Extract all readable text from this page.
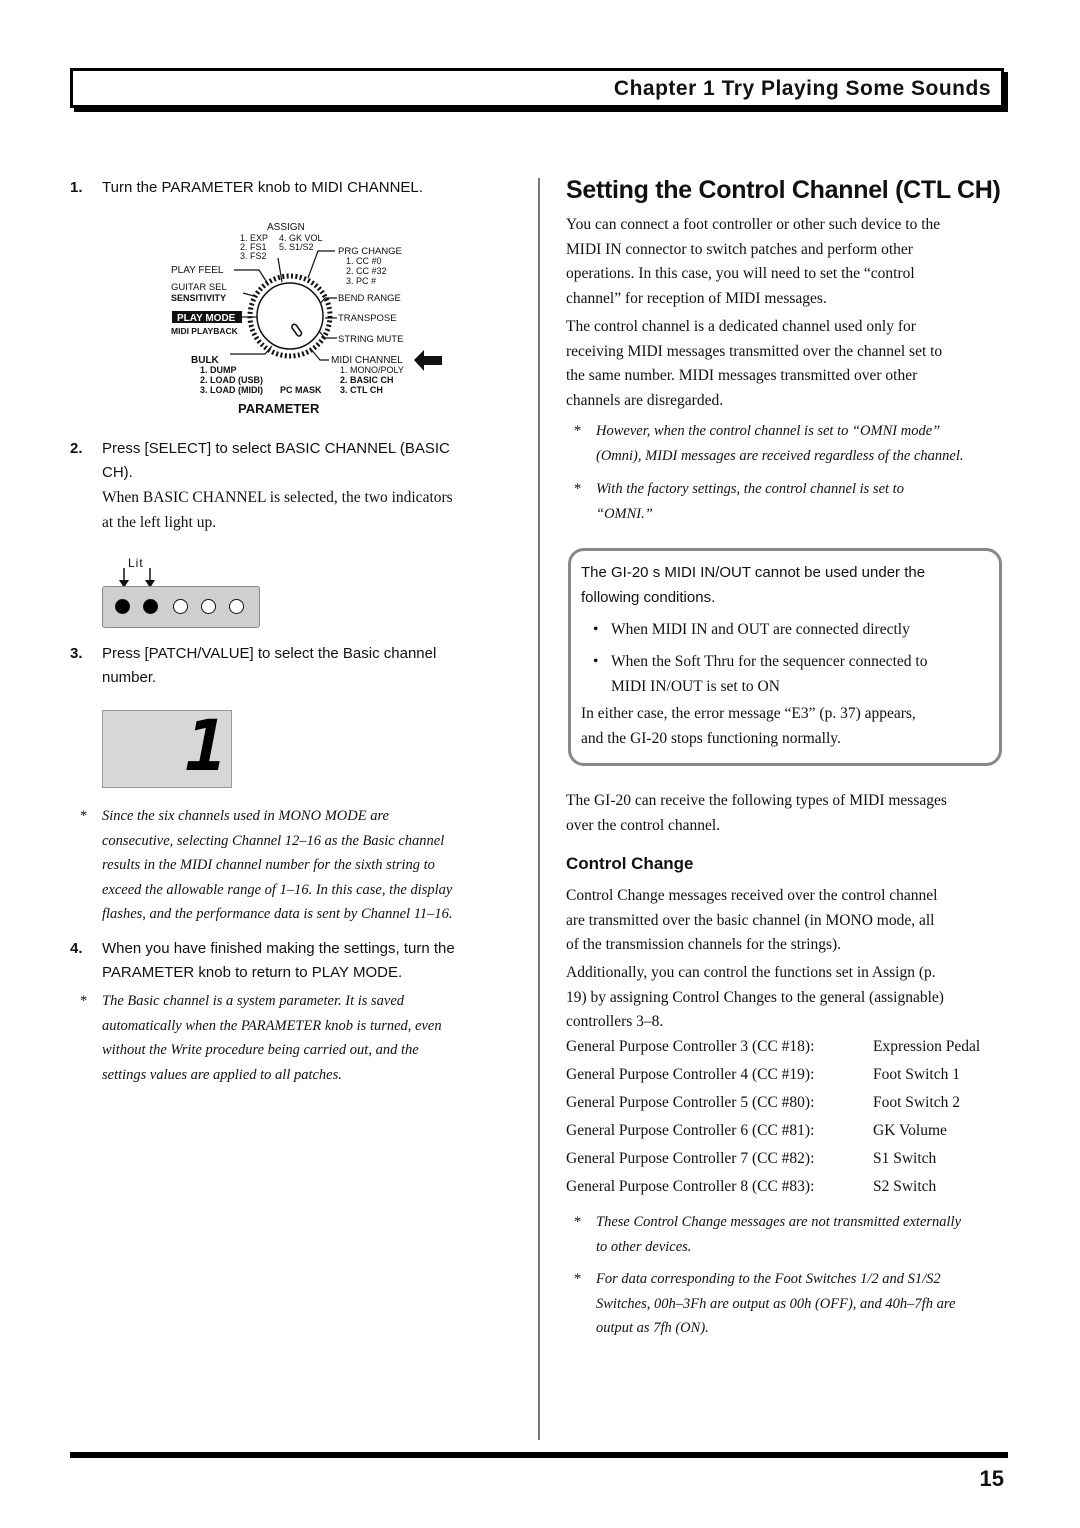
Chapter 1 Try Playing Some Sounds
1. Turn the PARAMETER knob to MIDI CHANNEL.
ASSIGN
1. EXP 4. GK VOL
2. FS1 5. S1/S2
3. FS2	PRG CHANGE
1. CC #0
2. CC #32
3. PC #
PLAY FEEL
GUITAR SEL
SENSITIVITY
PLAY MODE
MIDI PLAYBACK
BEND RANGE
TRANSPOSE
STRING MUTE
BULK
1. DUMP
2. LOAD (USB)
3. LOAD (MIDI) PC MASK
MIDI CHANNEL
1. MONO/POLY
2. BASIC CH
3. CTL CH
PARAMETER
2. Press [SELECT] to select BASIC CHANNEL (BASIC
CH).
When BASIC CHANNEL is selected, the two indicators
at the left light up.
Lit
3. Press [PATCH/VALUE] to select the Basic channel
number.
1
* Since the six channels used in MONO MODE are
consecutive, selecting Channel 12–16 as the Basic channel
results in the MIDI channel number for the sixth string to
exceed the allowable range of 1–16. In this case, the display
flashes, and the performance data is sent by Channel 11–16.
4. When you have finished making the settings, turn the
PARAMETER knob to return to PLAY MODE.
* The Basic channel is a system parameter. It is saved
automatically when the PARAMETER knob is turned, even
without the Write procedure being carried out, and the
settings values are applied to all patches.
Setting the Control Channel (CTL CH)
You can connect a foot controller or other such device to the
MIDI IN connector to switch patches and perform other
operations. In this case, you will need to set the “control
channel” for reception of MIDI messages.
The control channel is a dedicated channel used only for
receiving MIDI messages transmitted over the channel set to
the same number. MIDI messages transmitted over other
channels are disregarded.
* However, when the control channel is set to “OMNI mode”
(Omni), MIDI messages are received regardless of the channel.
* With the factory settings, the control channel is set to
“OMNI.”
The GI-20 s MIDI IN/OUT cannot be used under the
following conditions.
• When MIDI IN and OUT are connected directly
• When the Soft Thru for the sequencer connected to
MIDI IN/OUT is set to ON
In either case, the error message “E3” (p. 37) appears,
and the GI-20 stops functioning normally.
The GI-20 can receive the following types of MIDI messages
over the control channel.
Control Change
Control Change messages received over the control channel
are transmitted over the basic channel (in MONO mode, all
of the transmission channels for the strings).
Additionally, you can control the functions set in Assign (p.
19) by assigning Control Changes to the general (assignable)
controllers 3–8.
General Purpose Controller 3 (CC #18):	Expression Pedal
General Purpose Controller 4 (CC #19):	Foot Switch 1
General Purpose Controller 5 (CC #80):	Foot Switch 2
General Purpose Controller 6 (CC #81):	GK Volume
General Purpose Controller 7 (CC #82):	S1 Switch
General Purpose Controller 8 (CC #83):	S2 Switch
* These Control Change messages are not transmitted externally
to other devices.
* For data corresponding to the Foot Switches 1/2 and S1/S2
Switches, 00h–3Fh are output as 00h (OFF), and 40h–7fh are
output as 7fh (ON).
15
